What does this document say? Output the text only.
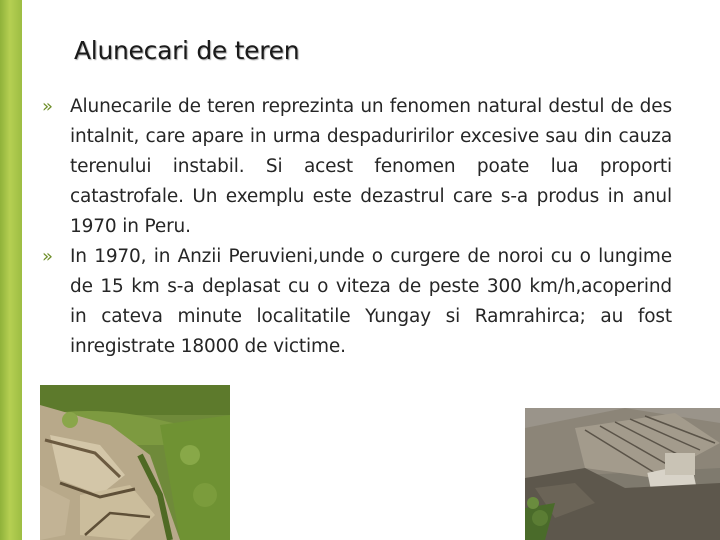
Alunecari de teren
» Alunecarile de teren reprezinta un fenomen natural destul de des intalnit, care apare in urma despaduririlor excesive sau din cauza terenului instabil. Si acest fenomen poate lua proporti catastrofale. Un exemplu este dezastrul care s-a produs in anul 1970 in Peru.
» In 1970, in Anzii Peruvieni,unde o curgere de noroi cu o lungime de 15 km s-a deplasat cu o viteza de peste 300 km/h,acoperind in cateva minute localitatile Yungay si Ramrahirca; au fost inregistrate 18000 de victime.
